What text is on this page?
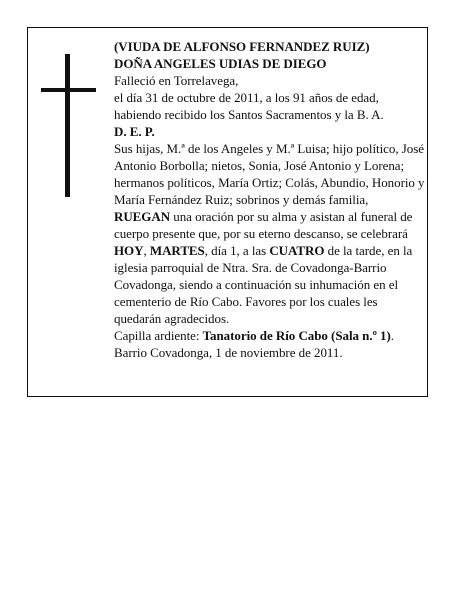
(VIUDA DE ALFONSO FERNANDEZ RUIZ)
DOÑA ANGELES UDIAS DE DIEGO
Falleció en Torrelavega,
el día 31 de octubre de 2011, a los 91 años de edad, habiendo recibido los Santos Sacramentos y la B. A.
D. E. P.
Sus hijas, M.ª de los Angeles y M.ª Luisa; hijo político, José Antonio Borbolla; nietos, Sonia, José Antonio y Lorena; hermanos políticos, María Ortiz; Colás, Abundio, Honorio y María Fernández Ruiz; sobrinos y demás familia,
RUEGAN una oración por su alma y asistan al funeral de cuerpo presente que, por su eterno descanso, se celebrará HOY, MARTES, día 1, a las CUATRO de la tarde, en la iglesia parroquial de Ntra. Sra. de Covadonga-Barrio Covadonga, siendo a continuación su inhumación en el cementerio de Río Cabo. Favores por los cuales les quedarán agradecidos.
Capilla ardiente: Tanatorio de Río Cabo (Sala n.º 1).
Barrio Covadonga, 1 de noviembre de 2011.
